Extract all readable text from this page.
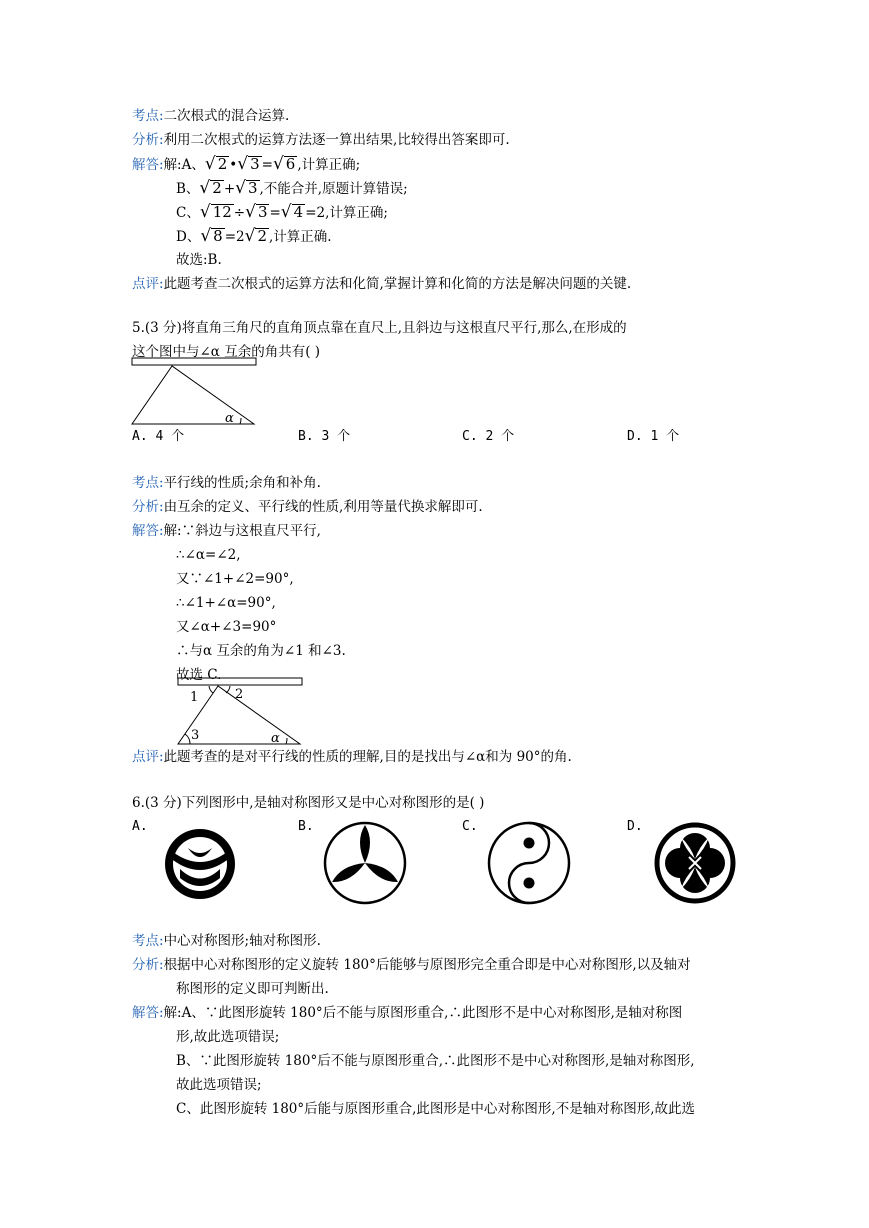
考点:二次根式的混合运算.
分析:利用二次根式的运算方法逐一算出结果,比较得出答案即可.
解答:解:A、√ 2 •√ 3 =√ 6 ,计算正确;
B、√ 2 +√ 3 ,不能合并,原题计算错误;
C、√ 12 ÷√ 3 =√ 4 =2,计算正确;
D、√ 8 =2√ 2 ,计算正确.
故选:B.
点评:此题考查二次根式的运算方法和化简,掌握计算和化简的方法是解决问题的关键.
5.(3 分)将直角三角尺的直角顶点靠在直尺上,且斜边与这根直尺平行,那么,在形成的
这个图中与∠α 互余的角共有( )
α
A. 4 个	B. 3 个	C. 2 个	D. 1 个
考点:平行线的性质;余角和补角.
分析:由互余的定义、平行线的性质,利用等量代换求解即可.
解答:解:∵斜边与这根直尺平行,
∴∠α=∠2,
又∵∠1+∠2=90°,
∴∠1+∠α=90°,
又∠α+∠3=90°
∴与α 互余的角为∠1 和∠3.
故选 C.
1	2
3	α
点评:此题考查的是对平行线的性质的理解,目的是找出与∠α和为 90°的角.
6.(3 分)下列图形中,是轴对称图形又是中心对称图形的是( )
A.	B.	C.	D.
考点:中心对称图形;轴对称图形.
分析:根据中心对称图形的定义旋转 180°后能够与原图形完全重合即是中心对称图形,以及轴对
称图形的定义即可判断出.
解答:解:A、∵此图形旋转 180°后不能与原图形重合,∴此图形不是中心对称图形,是轴对称图
形,故此选项错误;
B、∵此图形旋转 180°后不能与原图形重合,∴此图形不是中心对称图形,是轴对称图形,
故此选项错误;
C、此图形旋转 180°后能与原图形重合,此图形是中心对称图形,不是轴对称图形,故此选
